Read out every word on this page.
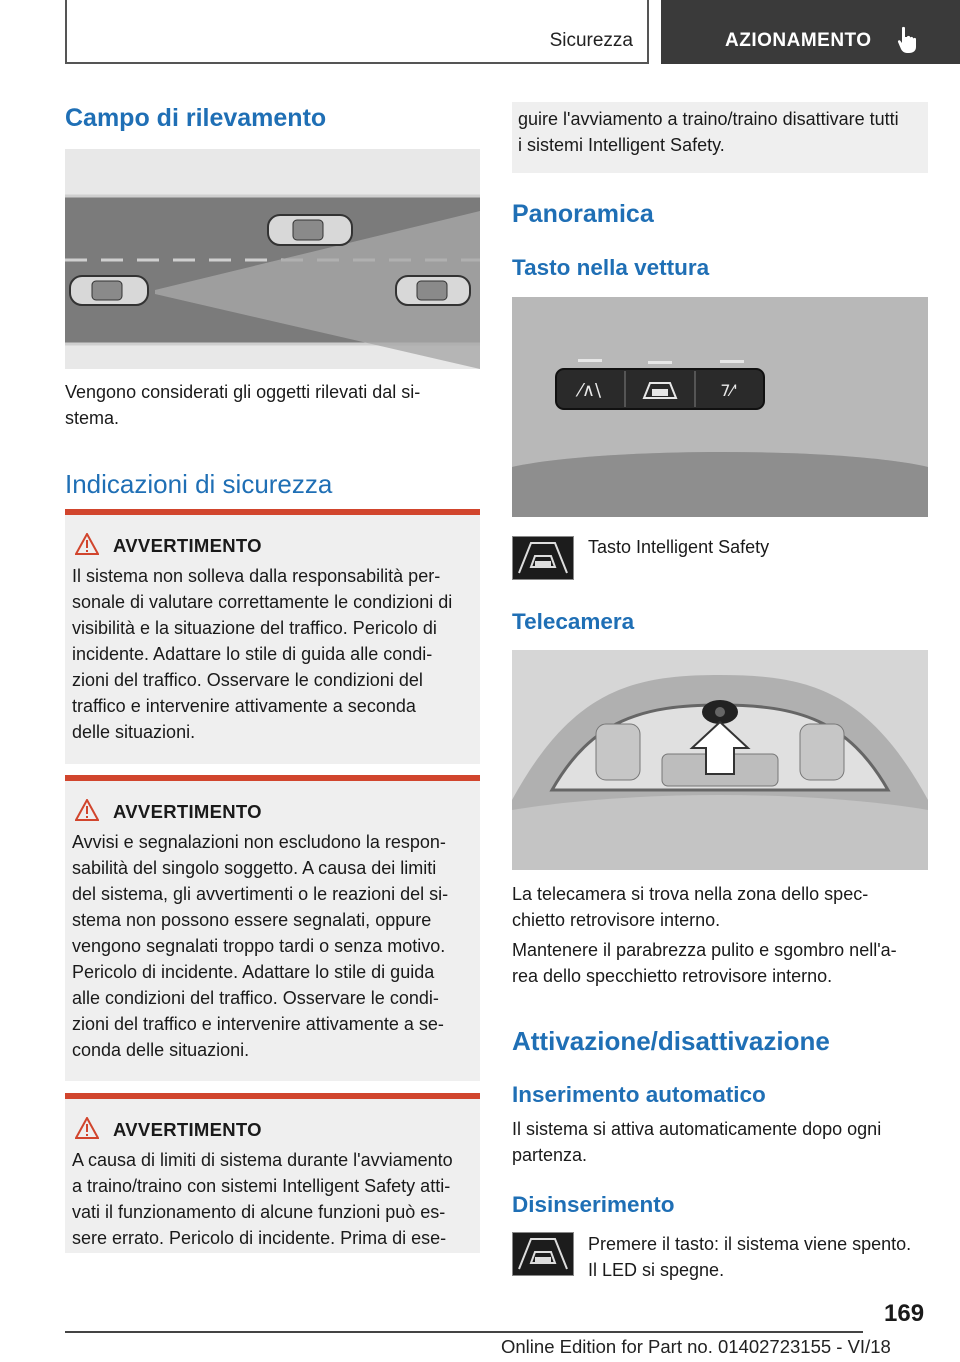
Sicurezza	AZIONAMENTO
Campo di rilevamento

Vengono considerati gli oggetti rilevati dal si‐
stema.

Indicazioni di sicurezza
AVVERTIMENTO

Il sistema non solleva dalla responsabilità per‐
sonale di valutare correttamente le condizioni di
visibilità e la situazione del traffico. Pericolo di
incidente. Adattare lo stile di guida alle condi‐
zioni del traffico. Osservare le condizioni del
traffico e intervenire attivamente a seconda
delle situazioni.

AVVERTIMENTO

Avvisi e segnalazioni non escludono la respon‐
sabilità del singolo soggetto. A causa dei limiti
del sistema, gli avvertimenti o le reazioni del si‐
stema non possono essere segnalati, oppure
vengono segnalati troppo tardi o senza motivo.
Pericolo di incidente. Adattare lo stile di guida
alle condizioni del traffico. Osservare le condi‐
zioni del traffico e intervenire attivamente a se‐
conda delle situazioni.

AVVERTIMENTO

A causa di limiti di sistema durante l'avviamento
a traino/traino con sistemi Intelligent Safety atti‐
vati il funzionamento di alcune funzioni può es‐
sere errato. Pericolo di incidente. Prima di ese‐

guire l'avviamento a traino/traino disattivare tutti
i sistemi Intelligent Safety.

Panoramica
Tasto nella vettura
⁄∧\	7⁄'

Tasto Intelligent Safety

Telecamera

La telecamera si trova nella zona dello spec‐
chietto retrovisore interno.

Mantenere il parabrezza pulito e sgombro nell'a‐
rea dello specchietto retrovisore interno.

Attivazione/disattivazione
Inserimento automatico

Il sistema si attiva automaticamente dopo ogni
partenza.

Disinserimento

Premere il tasto: il sistema viene spento.
Il LED si spegne.

169
Online Edition for Part no. 01402723155 - VI/18
